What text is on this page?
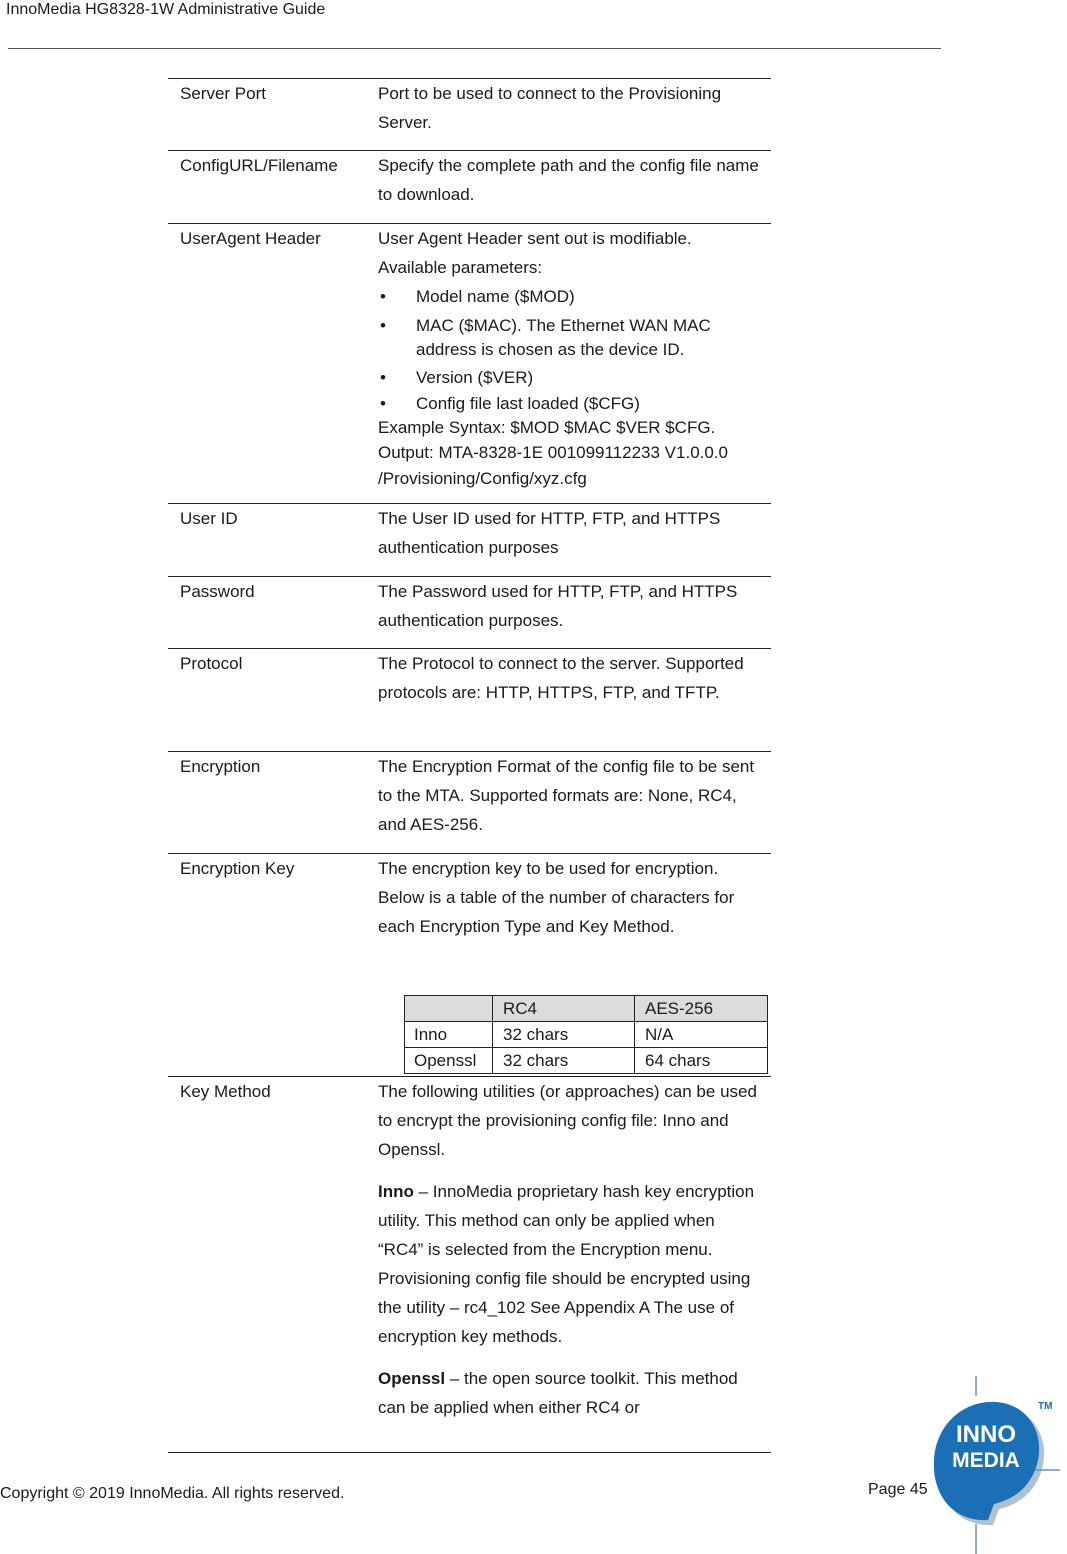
InnoMedia HG8328-1W Administrative Guide
Server Port	Port to be used to connect to the Provisioning Server.
ConfigURL/Filename Specify the complete path and the config file name to download.
UserAgent Header	User Agent Header sent out is modifiable. Available parameters:

• Model name ($MOD)
• MAC ($MAC). The Ethernet WAN MAC address is chosen as the device ID.
• Version ($VER)
• Config file last loaded ($CFG)

Example Syntax: $MOD $MAC $VER $CFG.

Output: MTA-8328-1E 001099112233 V1.0.0.0 /Provisioning/Config/xyz.cfg

User ID	The User ID used for HTTP, FTP, and HTTPS authentication purposes
Password	The Password used for HTTP, FTP, and HTTPS authentication purposes.
Protocol	The Protocol to connect to the server. Supported protocols are: HTTP, HTTPS, FTP, and TFTP.
Encryption	The Encryption Format of the config file to be sent to the MTA. Supported formats are: None, RC4, and AES-256.
Encryption Key	The encryption key to be used for encryption. Below is a table of the number of characters for each Encryption Type and Key Method.
	RC4	AES-256
Inno	32 chars	N/A
Openssl	32 chars	64 chars
Key Method	The following utilities (or approaches) can be used to encrypt the provisioning config file: Inno and Openssl.

Inno – InnoMedia proprietary hash key encryption utility. This method can only be applied when “RC4” is selected from the Encryption menu. Provisioning config file should be encrypted using the utility – rc4_102 See Appendix A The use of encryption key methods.

Openssl – the open source toolkit. This method can be applied when either RC4 or

Copyright © 2019 InnoMedia. All rights reserved.	Page 45
INNO
MEDIA
TM
